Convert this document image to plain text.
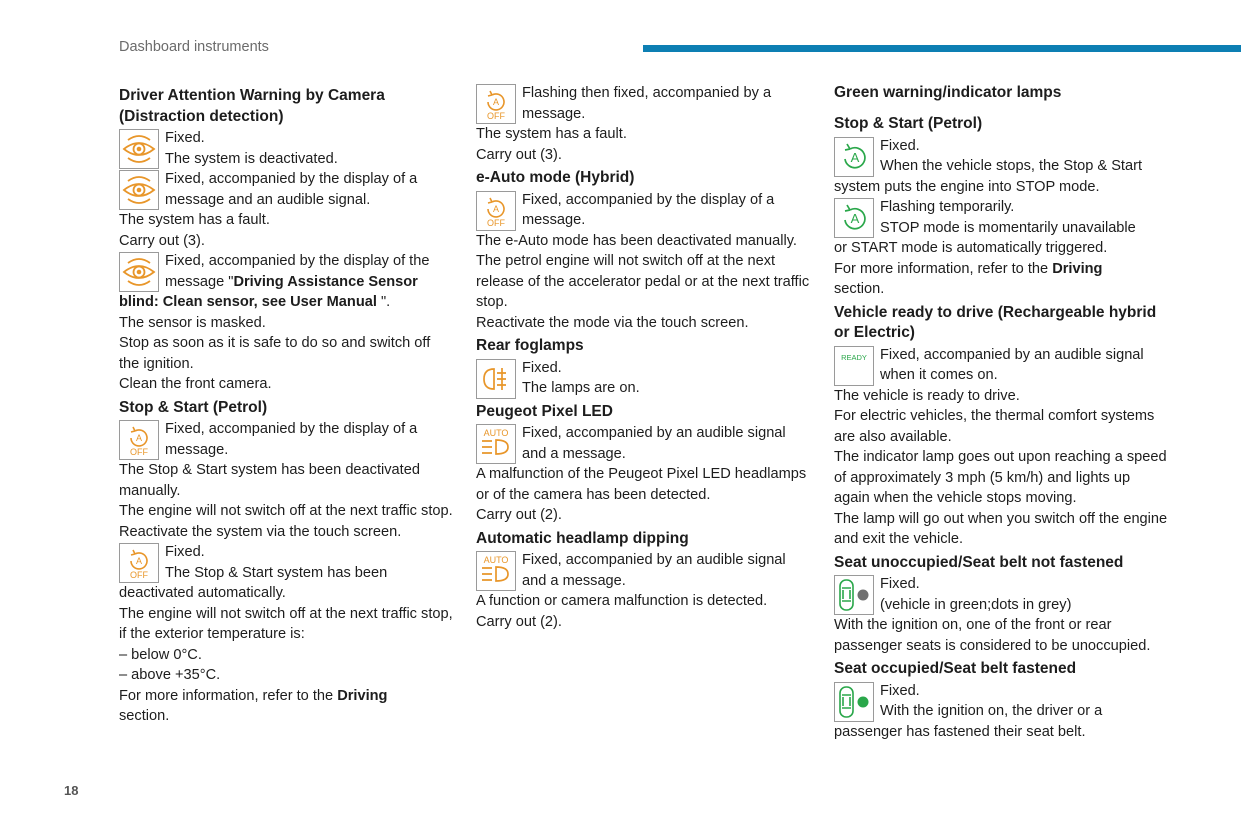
Dashboard instruments
Driver Attention Warning by Camera (Distraction detection)

Fixed.

The system is deactivated.

Fixed, accompanied by the display of a

message and an audible signal.

The system has a fault.

Carry out (3).

Fixed, accompanied by the display of the

message "Driving Assistance Sensor

blind: Clean sensor, see User Manual ".

The sensor is masked.

Stop as soon as it is safe to do so and switch off the ignition.

Clean the front camera.

Stop & Start (Petrol)
A
OFF

Fixed, accompanied by the display of a

message.

The Stop & Start system has been deactivated manually.

The engine will not switch off at the next traffic stop.

Reactivate the system via the touch screen.

A
OFF

Fixed.

The Stop & Start system has been

deactivated automatically.

The engine will not switch off at the next traffic stop, if the exterior temperature is:

– below 0°C.

– above +35°C.

For more information, refer to the Driving

section.

A
OFF

Flashing then fixed, accompanied by a

message.

The system has a fault.

Carry out (3).

e-Auto mode (Hybrid)
A
OFF

Fixed, accompanied by the display of a

message.

The e-Auto mode has been deactivated manually.

The petrol engine will not switch off at the next release of the accelerator pedal or at the next traffic stop.

Reactivate the mode via the touch screen.

Rear foglamps

Fixed.

The lamps are on.

Peugeot Pixel LED
AUTO Fixed, accompanied by an audible signal

and a message.

A malfunction of the Peugeot Pixel LED headlamps or of the camera has been detected.

Carry out (2).

Automatic headlamp dipping
AUTO Fixed, accompanied by an audible signal

and a message.

A function or camera malfunction is detected.

Carry out (2).

Green warning/indicator lamps
Stop & Start (Petrol)
A

Fixed.

When the vehicle stops, the Stop & Start

system puts the engine into STOP mode.

A

Flashing temporarily.

STOP mode is momentarily unavailable

or START mode is automatically triggered.

For more information, refer to the Driving

section.

Vehicle ready to drive (Rechargeable hybrid or Electric)
READY Fixed, accompanied by an audible signal

when it comes on.

The vehicle is ready to drive.

For electric vehicles, the thermal comfort systems are also available.

The indicator lamp goes out upon reaching a speed of approximately 3 mph (5 km/h) and lights up again when the vehicle stops moving.

The lamp will go out when you switch off the engine and exit the vehicle.

Seat unoccupied/Seat belt not fastened

Fixed.

(vehicle in green;dots in grey)

With the ignition on, one of the front or rear passenger seats is considered to be unoccupied.

Seat occupied/Seat belt fastened

Fixed.

With the ignition on, the driver or a

passenger has fastened their seat belt.

18
